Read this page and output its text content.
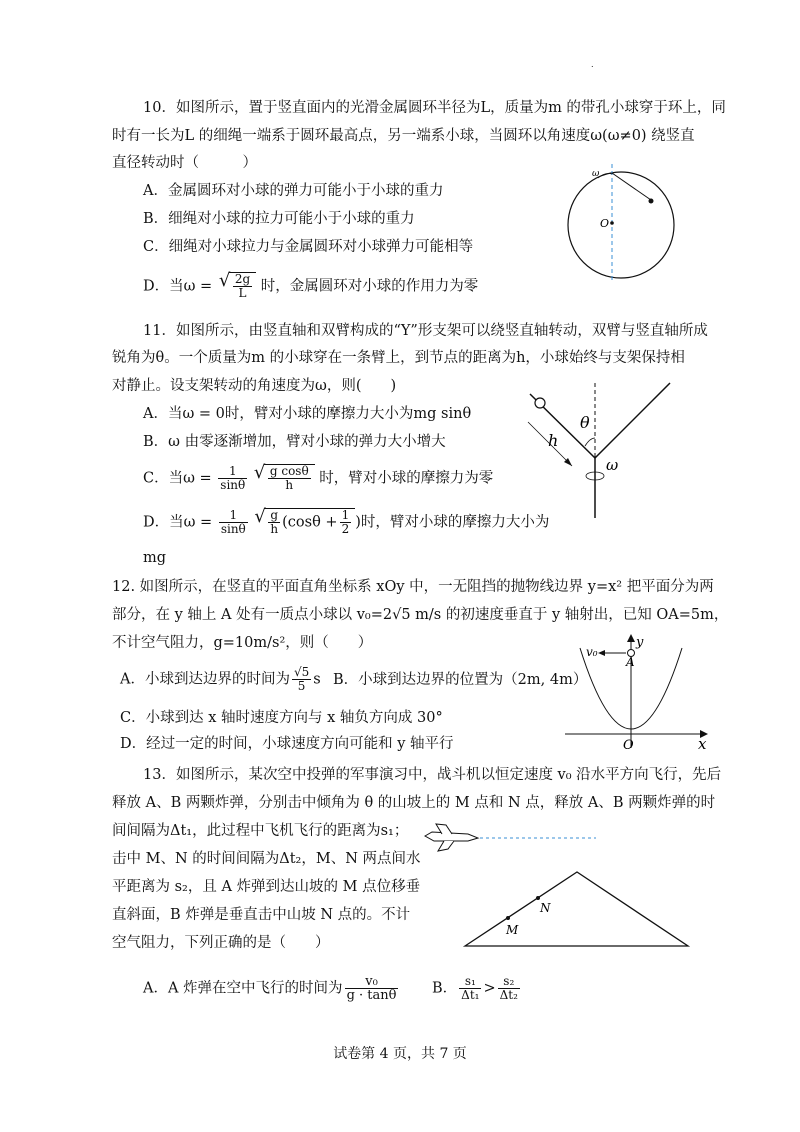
.
10．如图所示，置于竖直面内的光滑金属圆环半径为L，质量为m 的带孔小球穿于环上，同
时有一长为L 的细绳一端系于圆环最高点，另一端系小球，当圆环以角速度ω(ω≠0) 绕竖直
直径转动时（　　　）
A．金属圆环对小球的弹力可能小于小球的重力
B．细绳对小球的拉力可能小于小球的重力
C．细绳对小球拉力与金属圆环对小球弹力可能相等
D．当ω = √ $\frac{2g}{L}$ 时，金属圆环对小球的作用力为零
ω
O
11．如图所示，由竖直轴和双臂构成的“Y”形支架可以绕竖直轴转动，双臂与竖直轴所成
锐角为θ。一个质量为m 的小球穿在一条臂上，到节点的距离为h，小球始终与支架保持相
对静止。设支架转动的角速度为ω，则(　　)
A．当ω = 0时，臂对小球的摩擦力大小为mg sinθ
B．ω 由零逐渐增加，臂对小球的弹力大小增大
C．当$\omega = \frac{1}{\sin\theta}$
√ $\frac{\text{g cosθ}}{h}$ 时，臂对小球的摩擦力为零
D．当$\omega = \frac{1}{\sin\theta}$
√ $\frac{g}{h} (\cos\theta + \frac{1}{2}$ )时，臂对小球的摩擦力大小为
mg
θ
h
ω
12. 如图所示，在竖直的平面直角坐标系 xOy 中，一无阻挡的抛物线边界 y=x² 把平面分为两
部分，在 y 轴上 A 处有一质点小球以 v₀=2√5 m/s 的初速度垂直于 y 轴射出，已知 OA=5m，
不计空气阻力，g=10m/s²，则（　　）
A．小球到达边界的时间为 $\frac{√5}{5}$ s B．小球到达边界的位置为（2m, 4m）
C．小球到达 x 轴时速度方向与 x 轴负方向成 30°
D．经过一定的时间，小球速度方向可能和 y 轴平行
v₀
y
A
O	x
13．如图所示，某次空中投弹的军事演习中，战斗机以恒定速度 v₀ 沿水平方向飞行，先后
释放 A、B 两颗炸弹，分别击中倾角为 θ 的山坡上的 M 点和 N 点，释放 A、B 两颗炸弹的时
间间隔为Δt₁，此过程中飞机飞行的距离为s₁；
击中 M、N 的时间间隔为Δt₂，M、N 两点间水
平距离为 s₂，且 A 炸弹到达山坡的 M 点位移垂
直斜面，B 炸弹是垂直击中山坡 N 点的。不计
空气阻力，下列正确的是（　　）
A．A 炸弹在空中飞行的时间为 $\frac{\text{v₀}}{g \cdot \tan\theta}$ B． $\frac{\text{s₁}}{\text{Δt₁}} > \frac{\text{s₂}}{\text{Δt₂}}$
M
N
试卷第 4 页，共 7 页
